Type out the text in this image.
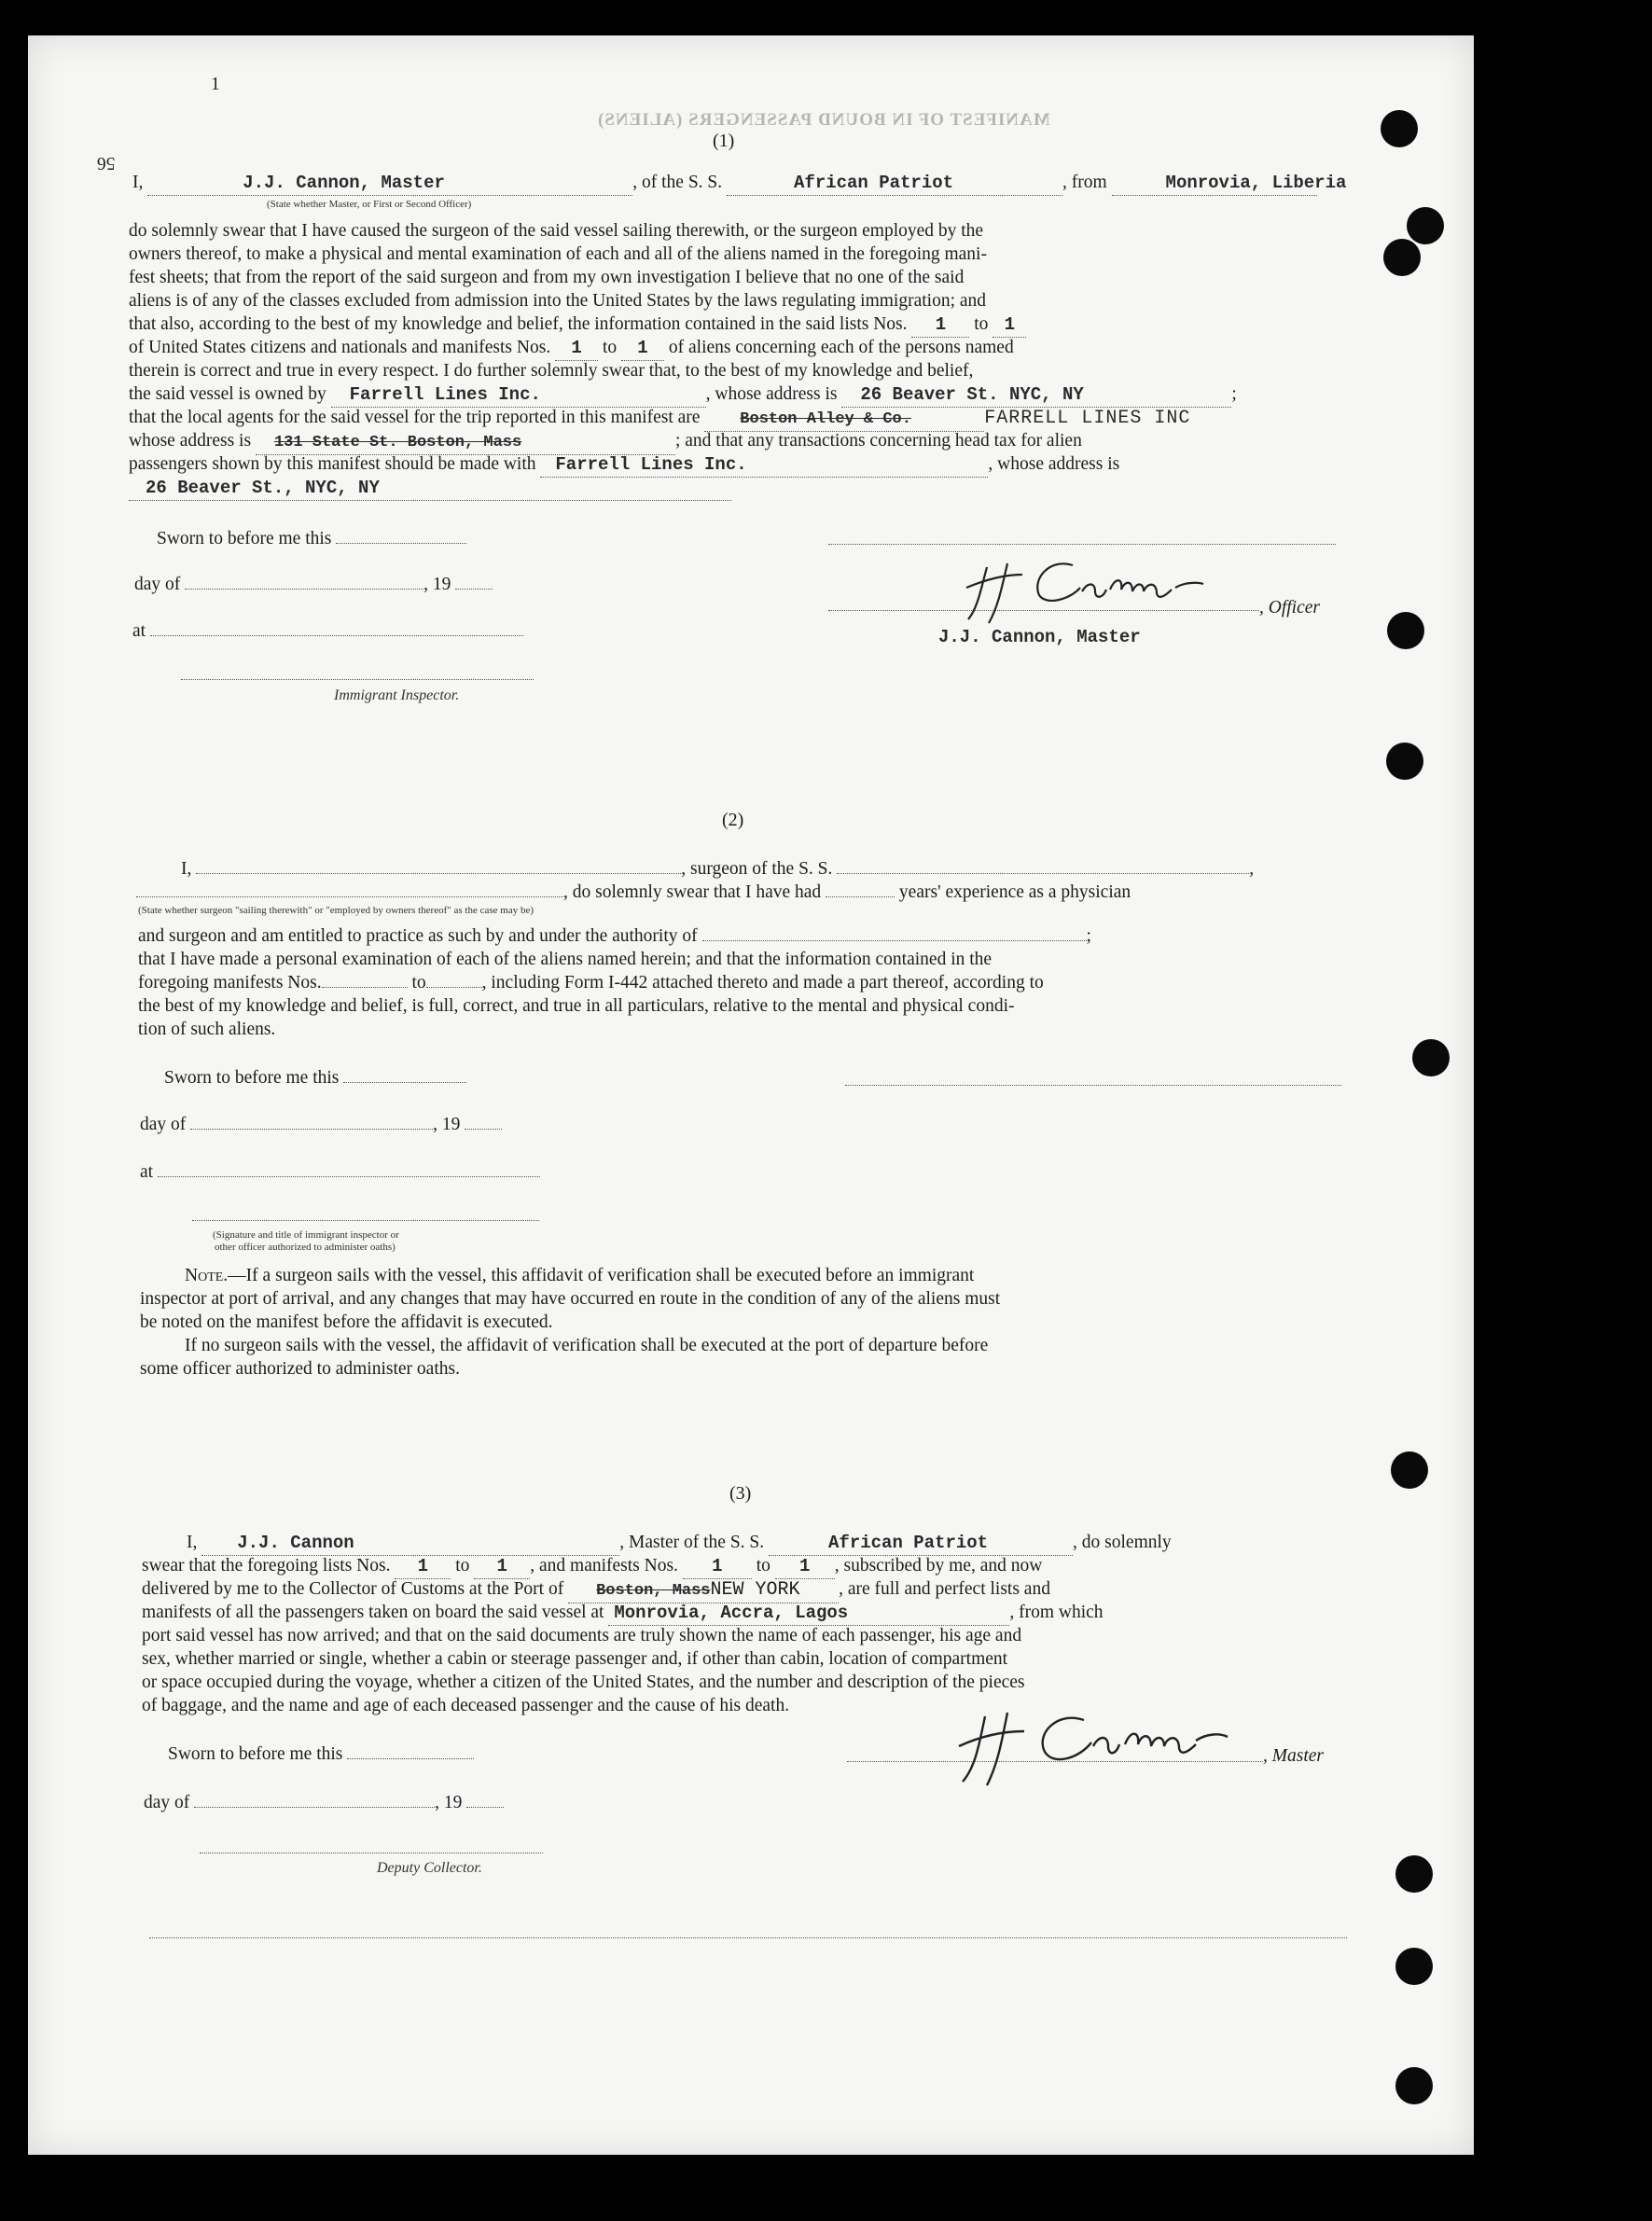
MANIFEST OF IN BOUND PASSENGERS (ALIENS)
1
56
(1)
I,	J.J. Cannon, Master	, of the S. S.	African Patriot	, from	Monrovia, Liberia
(State whether Master, or First or Second Officer)
do solemnly swear that I have caused the surgeon of the said vessel sailing therewith, or the surgeon employed by the
owners thereof, to make a physical and mental examination of each and all of the aliens named in the foregoing mani-
fest sheets; that from the report of the said surgeon and from my own investigation I believe that no one of the said
aliens is of any of the classes excluded from admission into the United States by the laws regulating immigration; and
that also, according to the best of my knowledge and belief, the information contained in the said lists Nos. 1 to 1
of United States citizens and nationals and manifests Nos. 1 to 1 of aliens concerning each of the persons named
therein is correct and true in every respect. I do further solemnly swear that, to the best of my knowledge and belief,
the said vessel is owned by Farrell Lines Inc.	, whose address is 26 Beaver St. NYC, NY	;
that the local agents for the said vessel for the trip reported in this manifest are	Boston Alley & Co.	FARRELL LINES INC
whose address is 131 State St. Boston, Mass	; and that any transactions concerning head tax for alien
passengers shown by this manifest should be made with Farrell Lines Inc.	, whose address is
26 Beaver St., NYC, NY
Sworn to before me this
day of	, 19
at
Immigrant Inspector.
, Officer
J.J. Cannon, Master
(2)
I,	, surgeon of the S. S.	,
, do solemnly swear that I have had	years' experience as a physician
(State whether surgeon "sailing therewith" or "employed by owners thereof" as the case may be)
and surgeon and am entitled to practice as such by and under the authority of	;
that I have made a personal examination of each of the aliens named herein; and that the information contained in the
foregoing manifests Nos.	to	, including Form I-442 attached thereto and made a part thereof, according to
the best of my knowledge and belief, is full, correct, and true in all particulars, relative to the mental and physical condi-
tion of such aliens.
Sworn to before me this
day of	, 19
at
(Signature and title of immigrant inspector or
other officer authorized to administer oaths)
Note.—If a surgeon sails with the vessel, this affidavit of verification shall be executed before an immigrant
inspector at port of arrival, and any changes that may have occurred en route in the condition of any of the aliens must
be noted on the manifest before the affidavit is executed.
If no surgeon sails with the vessel, the affidavit of verification shall be executed at the port of departure before
some officer authorized to administer oaths.
(3)
I, J.J. Cannon	, Master of the S. S.	African Patriot	, do solemnly
swear that the foregoing lists Nos. 1 to 1 , and manifests Nos. 1 to 1 , subscribed by me, and now
delivered by me to the Collector of Customs at the Port of Boston, MassNEW YORK , are full and perfect lists and
manifests of all the passengers taken on board the said vessel at Monrovia, Accra, Lagos	, from which
port said vessel has now arrived; and that on the said documents are truly shown the name of each passenger, his age and
sex, whether married or single, whether a cabin or steerage passenger and, if other than cabin, location of compartment
or space occupied during the voyage, whether a citizen of the United States, and the number and description of the pieces
of baggage, and the name and age of each deceased passenger and the cause of his death.
Sworn to before me this	, Master
day of	, 19
Deputy Collector.
